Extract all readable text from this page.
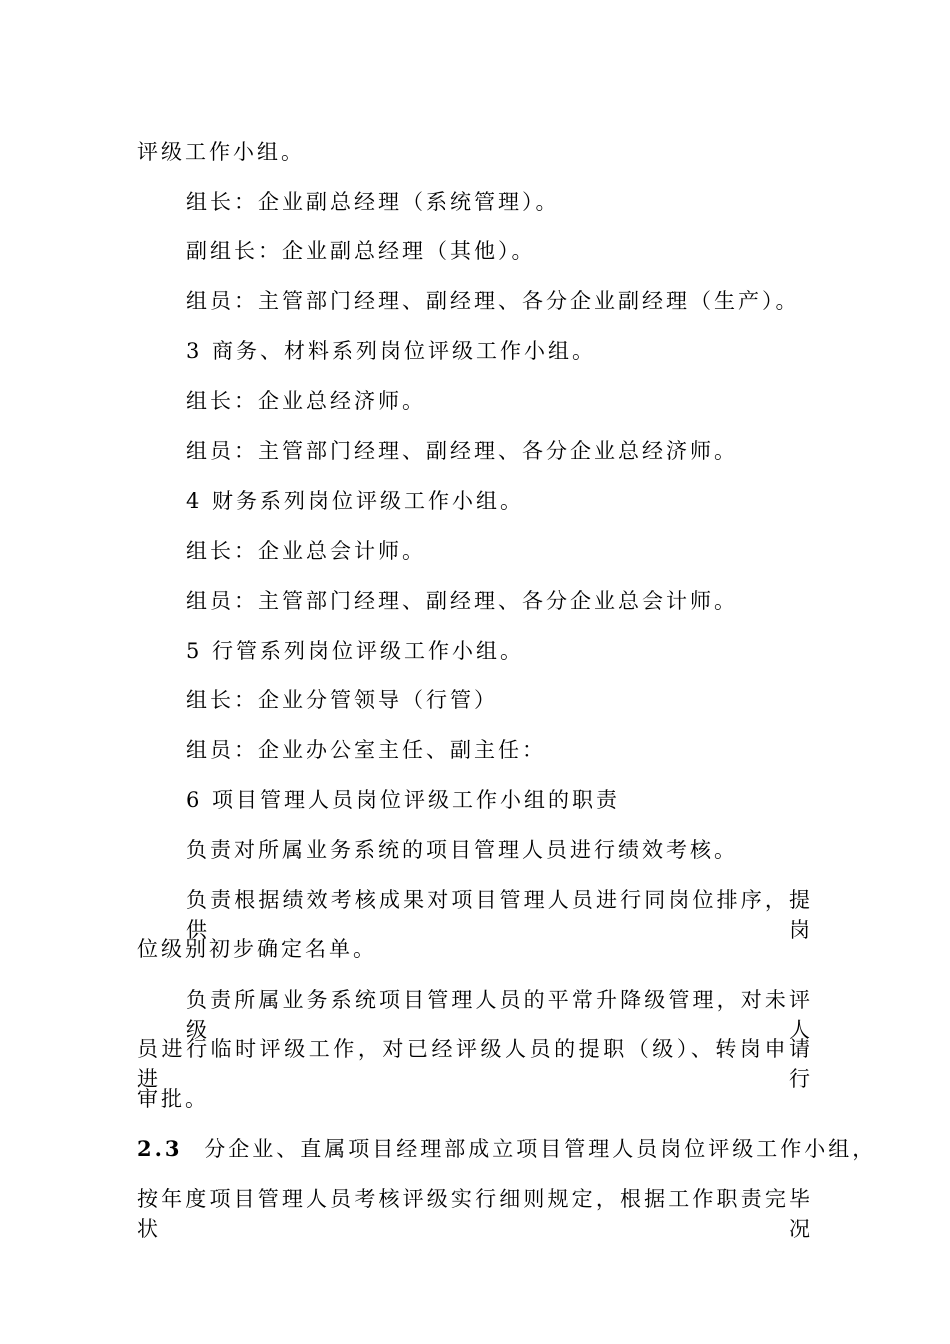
评级工作小组。
组长：企业副总经理（系统管理）。
副组长：企业副总经理（其他）。
组员：主管部门经理、副经理、各分企业副经理（生产）。
3 商务、材料系列岗位评级工作小组。
组长：企业总经济师。
组员：主管部门经理、副经理、各分企业总经济师。
4 财务系列岗位评级工作小组。
组长：企业总会计师。
组员：主管部门经理、副经理、各分企业总会计师。
5 行管系列岗位评级工作小组。
组长：企业分管领导（行管）
组员：企业办公室主任、副主任：
6 项目管理人员岗位评级工作小组的职责
负责对所属业务系统的项目管理人员进行绩效考核。
负责根据绩效考核成果对项目管理人员进行同岗位排序，提供岗
位级别初步确定名单。
负责所属业务系统项目管理人员的平常升降级管理，对未评级人
员进行临时评级工作，对已经评级人员的提职（级）、转岗申请进行
审批。
2.3 分企业、直属项目经理部成立项目管理人员岗位评级工作小组，
按年度项目管理人员考核评级实行细则规定，根据工作职责完毕状况
